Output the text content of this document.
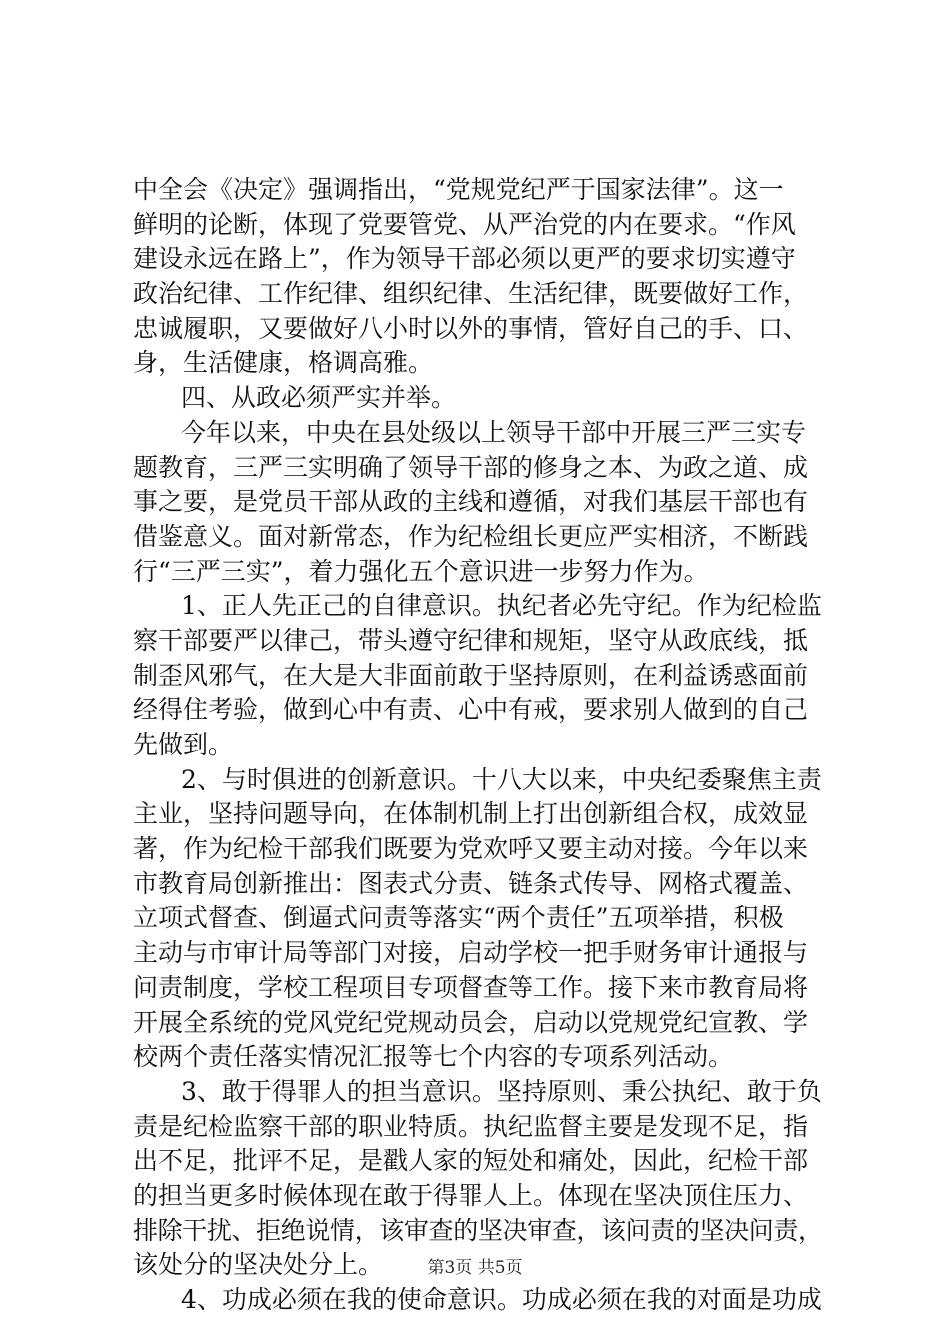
中全会《决定》强调指出，“党规党纪严于国家法律”。这一
鲜明的论断，体现了党要管党、从严治党的内在要求。“作风
建设永远在路上”，作为领导干部必须以更严的要求切实遵守
政治纪律、工作纪律、组织纪律、生活纪律，既要做好工作，
忠诚履职，又要做好八小时以外的事情，管好自己的手、口、
身，生活健康，格调高雅。
四、从政必须严实并举。
今年以来，中央在县处级以上领导干部中开展三严三实专
题教育，三严三实明确了领导干部的修身之本、为政之道、成
事之要，是党员干部从政的主线和遵循，对我们基层干部也有
借鉴意义。面对新常态，作为纪检组长更应严实相济，不断践
行“三严三实”，着力强化五个意识进一步努力作为。
1、正人先正己的自律意识。执纪者必先守纪。作为纪检监
察干部要严以律己，带头遵守纪律和规矩，坚守从政底线，抵
制歪风邪气，在大是大非面前敢于坚持原则，在利益诱惑面前
经得住考验，做到心中有责、心中有戒，要求别人做到的自己
先做到。
2、与时俱进的创新意识。十八大以来，中央纪委聚焦主责
主业，坚持问题导向，在体制机制上打出创新组合权，成效显
著，作为纪检干部我们既要为党欢呼又要主动对接。今年以来
市教育局创新推出：图表式分责、链条式传导、网格式覆盖、
立项式督查、倒逼式问责等落实“两个责任”五项举措，积极
主动与市审计局等部门对接，启动学校一把手财务审计通报与
问责制度，学校工程项目专项督查等工作。接下来市教育局将
开展全系统的党风党纪党规动员会，启动以党规党纪宣教、学
校两个责任落实情况汇报等七个内容的专项系列活动。
3、敢于得罪人的担当意识。坚持原则、秉公执纪、敢于负
责是纪检监察干部的职业特质。执纪监督主要是发现不足，指
出不足，批评不足，是戳人家的短处和痛处，因此，纪检干部
的担当更多时候体现在敢于得罪人上。体现在坚决顶住压力、
排除干扰、拒绝说情，该审查的坚决审查，该问责的坚决问责，
该处分的坚决处分上。
4、功成必须在我的使命意识。功成必须在我的对面是功成
第3页 共5页
